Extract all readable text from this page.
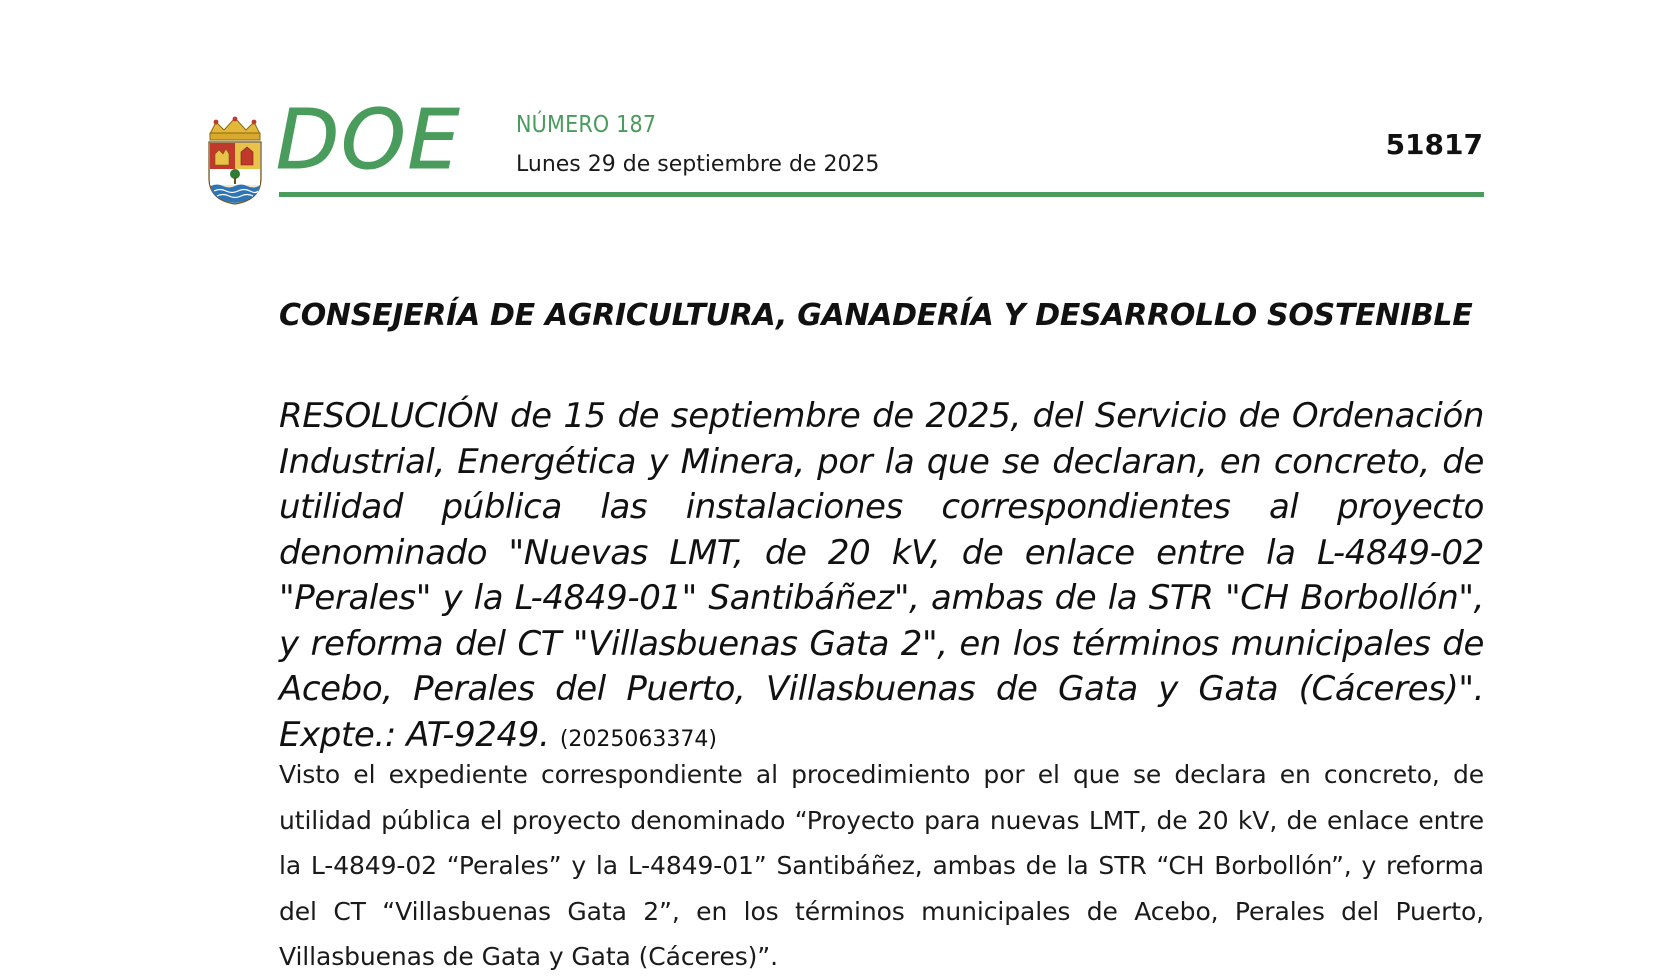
DOE NÚMERO 187
Lunes 29 de septiembre de 2025
51817
CONSEJERÍA DE AGRICULTURA, GANADERÍA Y DESARROLLO SOSTENIBLE
RESOLUCIÓN de 15 de septiembre de 2025, del Servicio de Ordenación Industrial, Energética y Minera, por la que se declaran, en concreto, de utilidad pública las instalaciones correspondientes al proyecto denominado "Nuevas LMT, de 20 kV, de enlace entre la L-4849-02 "Perales" y la L-4849-01" Santibáñez", ambas de la STR "CH Borbollón", y reforma del CT "Villasbuenas Gata 2", en los términos municipales de Acebo, Perales del Puerto, Villasbuenas de Gata y Gata (Cáceres)". Expte.: AT-9249. (2025063374)
Visto el expediente correspondiente al procedimiento por el que se declara en concreto, de utilidad pública el proyecto denominado “Proyecto para nuevas LMT, de 20 kV, de enlace entre la L-4849-02 “Perales” y la L-4849-01” Santibáñez, ambas de la STR “CH Borbollón”, y reforma del CT “Villasbuenas Gata 2”, en los términos municipales de Acebo, Perales del Puerto, Villasbuenas de Gata y Gata (Cáceres)”.
